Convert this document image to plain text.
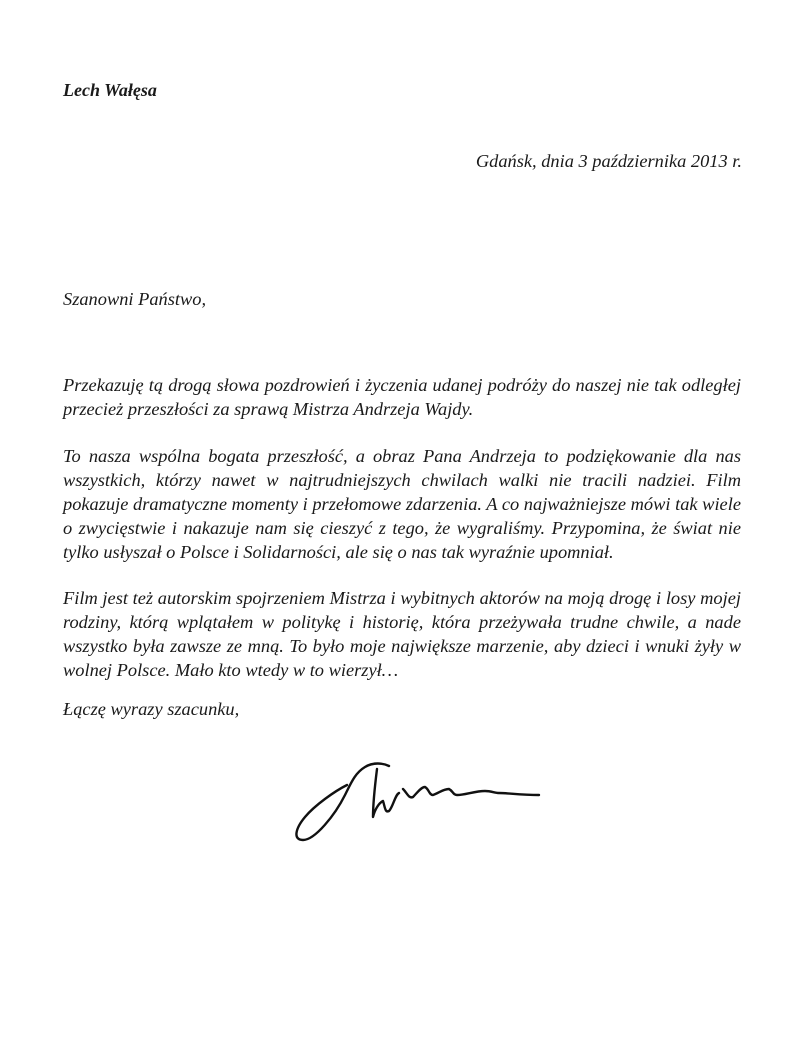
Lech Wałęsa
Gdańsk, dnia 3 października 2013 r.
Szanowni Państwo,

Przekazuję tą drogą słowa pozdrowień i życzenia udanej podróży do naszej nie tak odległej przecież przeszłości za sprawą Mistrza Andrzeja Wajdy.

To nasza wspólna bogata przeszłość, a obraz Pana Andrzeja to podziękowanie dla nas wszystkich, którzy nawet w najtrudniejszych chwilach walki nie tracili nadziei. Film pokazuje dramatyczne momenty i przełomowe zdarzenia. A co najważniejsze mówi tak wiele o zwycięstwie i nakazuje nam się cieszyć z tego, że wygraliśmy. Przypomina, że świat nie tylko usłyszał o Polsce i Solidarności, ale się o nas tak wyraźnie upomniał.

Film jest też autorskim spojrzeniem Mistrza i wybitnych aktorów na moją drogę i losy mojej rodziny, którą wplątałem w politykę i historię, która przeżywała trudne chwile, a nade wszystko była zawsze ze mną. To było moje największe marzenie, aby dzieci i wnuki żyły w wolnej Polsce. Mało kto wtedy w to wierzył…

Łączę wyrazy szacunku,
